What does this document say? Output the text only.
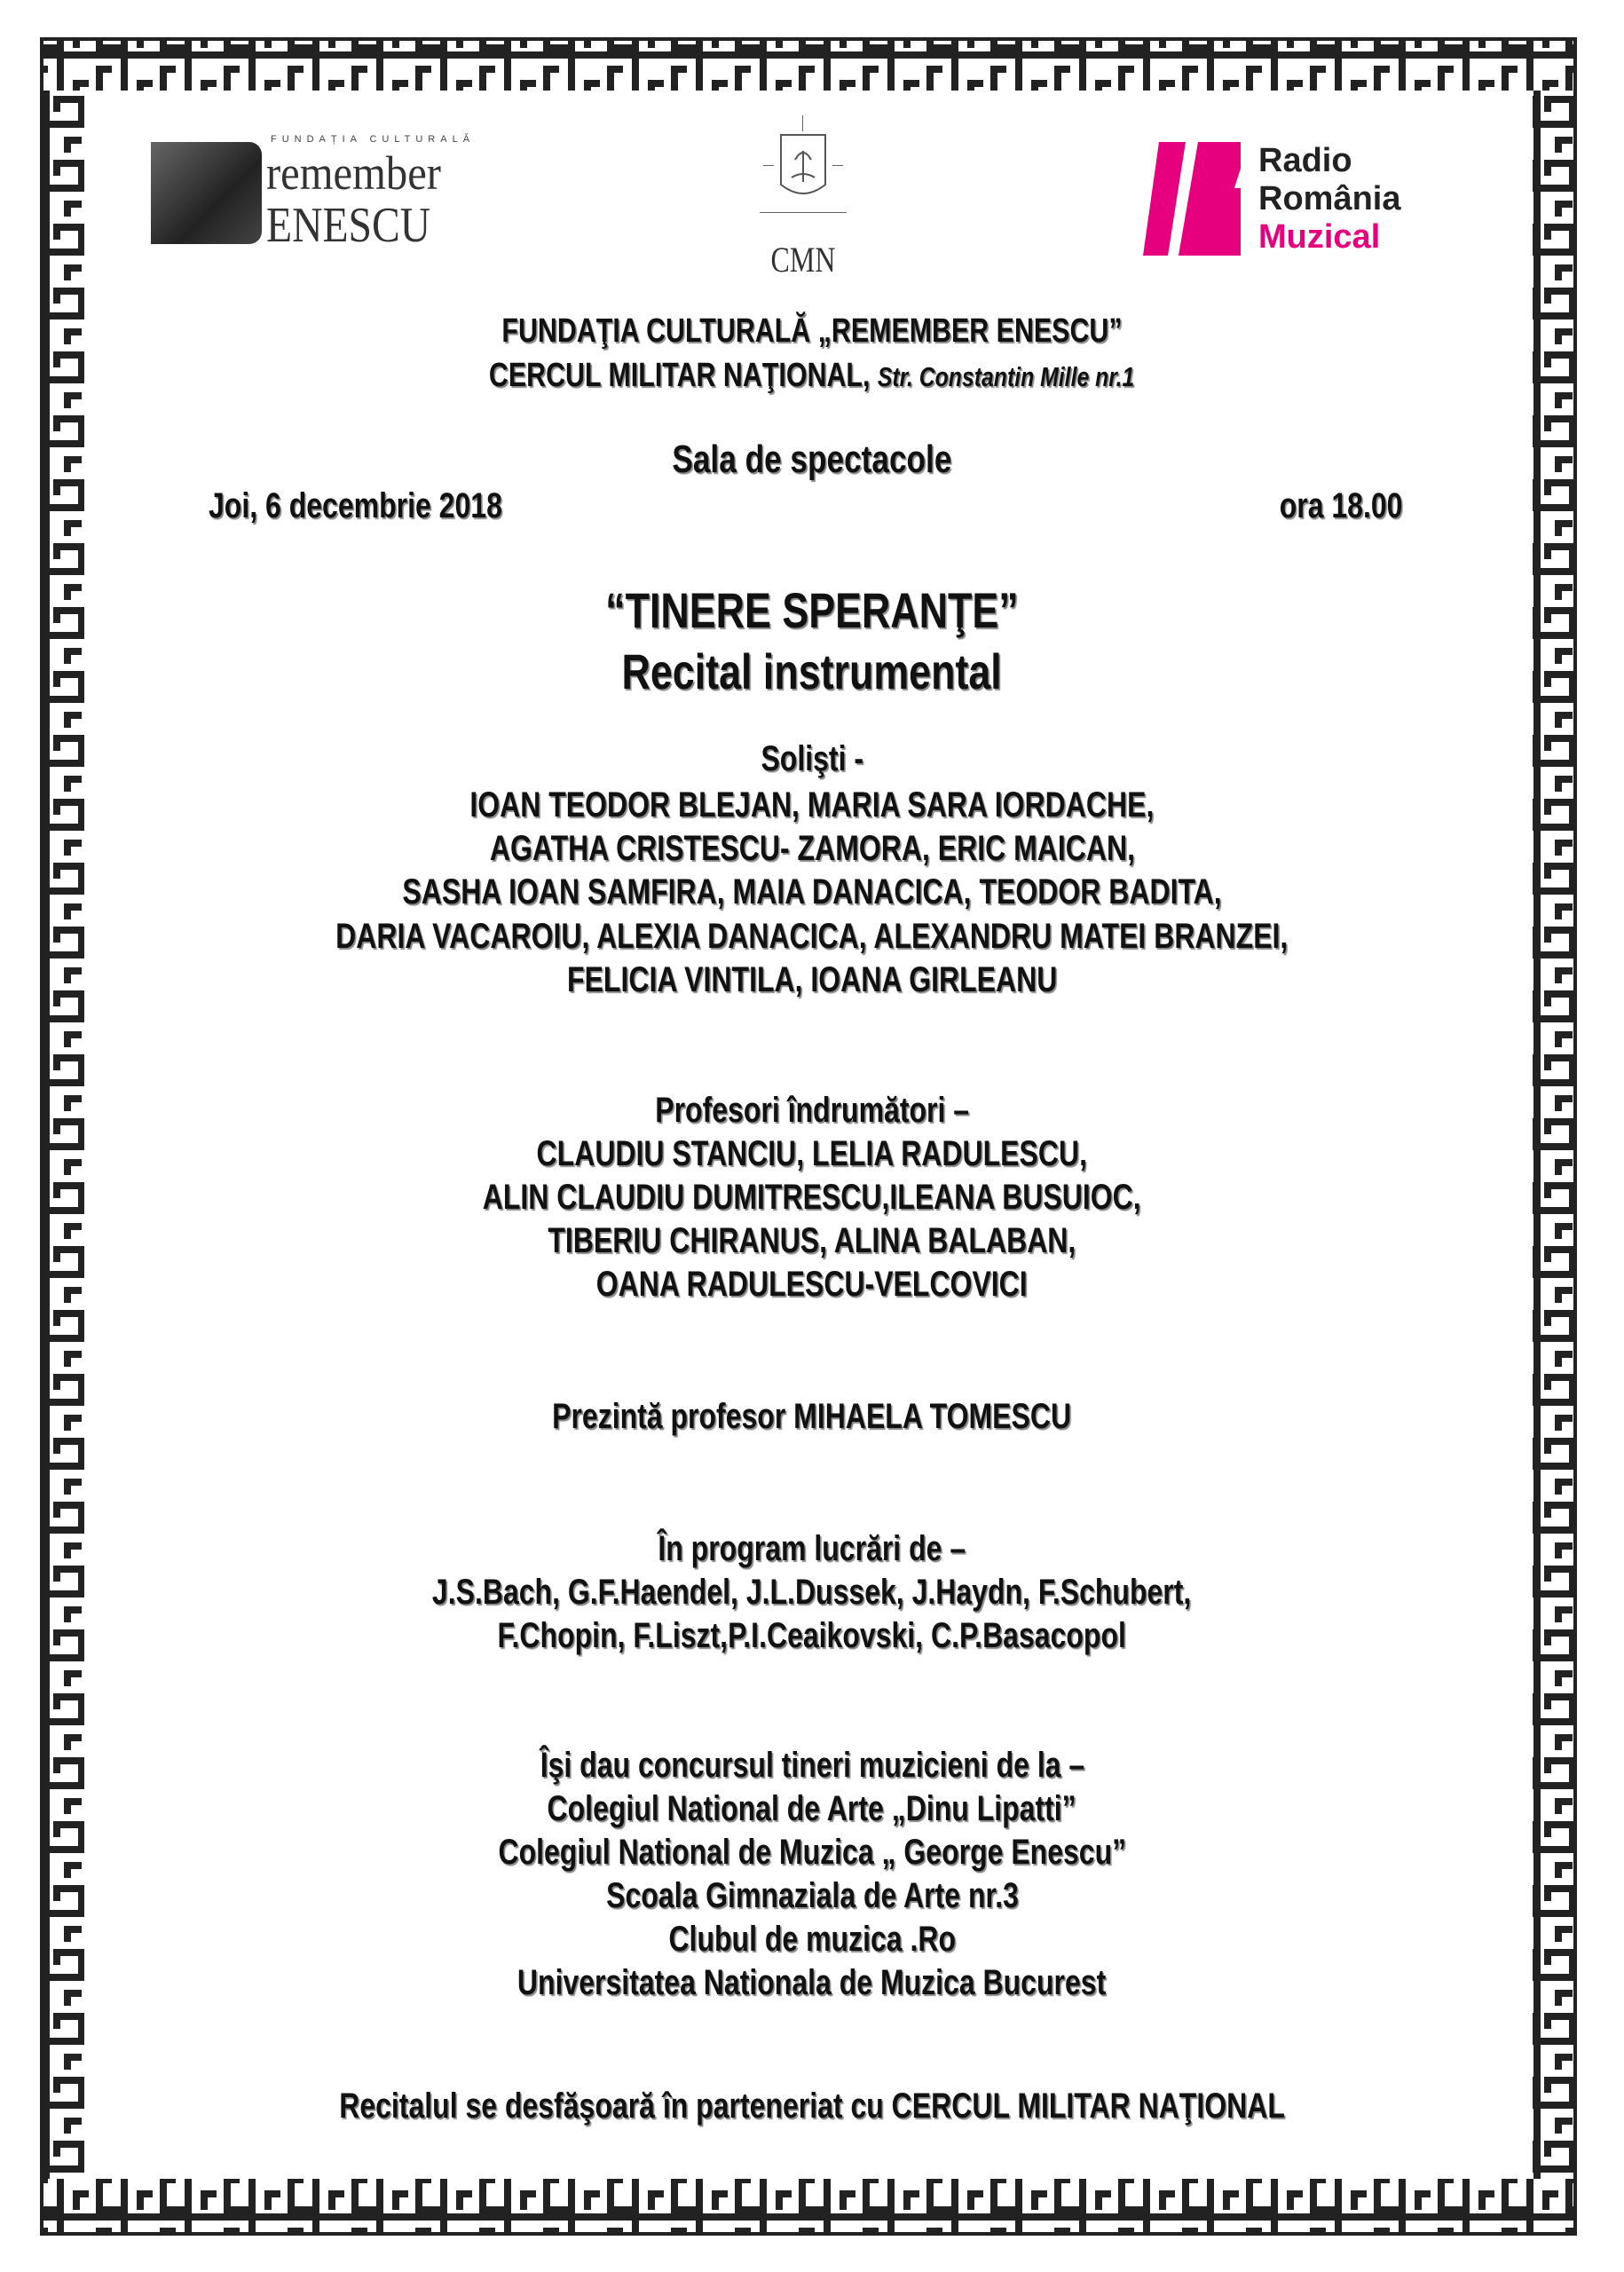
FUNDAȚIA CULTURALĂ
remember
ENESCU
CMN
Radio
România
Muzical
FUNDAŢIA CULTURALĂ „REMEMBER ENESCU”
CERCUL MILITAR NAŢIONAL, Str. Constantin Mille nr.1
Sala de spectacole
Joi, 6 decembrie 2018	ora 18.00
“TINERE SPERANŢE”
Recital instrumental
Solişti -
IOAN TEODOR BLEJAN, MARIA SARA IORDACHE,
AGATHA CRISTESCU- ZAMORA, ERIC MAICAN,
SASHA IOAN SAMFIRA, MAIA DANACICA, TEODOR BADITA,
DARIA VACAROIU, ALEXIA DANACICA, ALEXANDRU MATEI BRANZEI,
FELICIA VINTILA, IOANA GIRLEANU
Profesori îndrumători –
CLAUDIU STANCIU, LELIA RADULESCU,
ALIN CLAUDIU DUMITRESCU,ILEANA BUSUIOC,
TIBERIU CHIRANUS, ALINA BALABAN,
OANA RADULESCU-VELCOVICI
Prezintă profesor MIHAELA TOMESCU
În program lucrări de –
J.S.Bach, G.F.Haendel, J.L.Dussek, J.Haydn, F.Schubert,
F.Chopin, F.Liszt,P.I.Ceaikovski, C.P.Basacopol
Îşi dau concursul tineri muzicieni de la –
Colegiul National de Arte „Dinu Lipatti”
Colegiul National de Muzica „ George Enescu”
Scoala Gimnaziala de Arte nr.3
Clubul de muzica .Ro
Universitatea Nationala de Muzica Bucurest
Recitalul se desfăşoară în parteneriat cu CERCUL MILITAR NAŢIONAL
